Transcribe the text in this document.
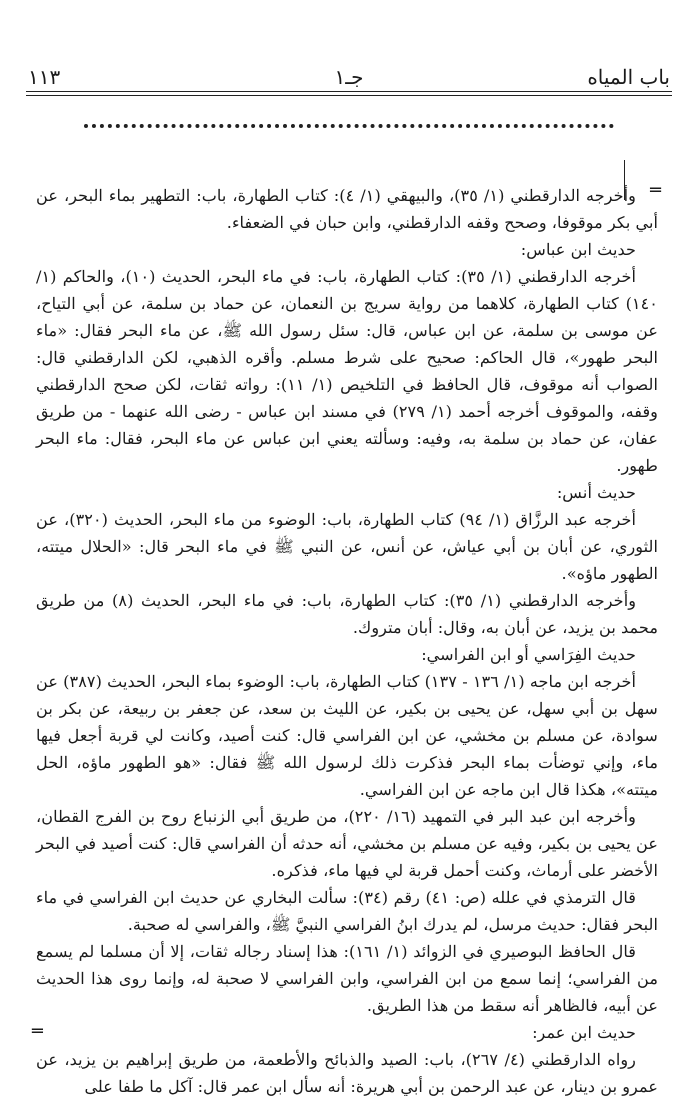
باب المياه
جـ١
١١٣
═
═

وأخرجه الدارقطني (١/ ٣٥)، والبيهقي (١/ ٤): كتاب الطهارة، باب: التطهير بماء البحر، عن أبي بكر موقوفا، وصحح وقفه الدارقطني، وابن حبان في الضعفاء.

حديث ابن عباس:

أخرجه الدارقطني (١/ ٣٥): كتاب الطهارة، باب: في ماء البحر، الحديث (١٠)، والحاكم (١/ ١٤٠) كتاب الطهارة، كلاهما من رواية سريج بن النعمان، عن حماد بن سلمة، عن أبي التياح، عن موسى بن سلمة، عن ابن عباس، قال: سئل رسول الله ﷺ، عن ماء البحر فقال: «ماء البحر طهور»، قال الحاكم: صحيح على شرط مسلم. وأقره الذهبي، لكن الدارقطني قال: الصواب أنه موقوف، قال الحافظ في التلخيص (١/ ١١): رواته ثقات، لكن صحح الدارقطني وقفه، والموقوف أخرجه أحمد (١/ ٢٧٩) في مسند ابن عباس - رضى الله عنهما - من طريق عفان، عن حماد بن سلمة به، وفيه: وسألته يعني ابن عباس عن ماء البحر، فقال: ماء البحر طهور.

حديث أنس:

أخرجه عبد الرزَّاق (١/ ٩٤) كتاب الطهارة، باب: الوضوء من ماء البحر، الحديث (٣٢٠)، عن الثوري، عن أبان بن أبي عياش، عن أنس، عن النبي ﷺ في ماء البحر قال: «الحلال ميتته، الطهور ماؤه».

وأخرجه الدارقطني (١/ ٣٥): كتاب الطهارة، باب: في ماء البحر، الحديث (٨) من طريق محمد بن يزيد، عن أبان به، وقال: أبان متروك.

حديث الفِرَاسي أو ابن الفراسي:

أخرجه ابن ماجه (١/ ١٣٦ - ١٣٧) كتاب الطهارة، باب: الوضوء بماء البحر، الحديث (٣٨٧) عن سهل بن أبي سهل، عن يحيى بن بكير، عن الليث بن سعد، عن جعفر بن ربيعة، عن بكر بن سوادة، عن مسلم بن مخشي، عن ابن الفراسي قال: كنت أصيد، وكانت لي قربة أجعل فيها ماء، وإني توضأت بماء البحر فذكرت ذلك لرسول الله ﷺ فقال: «هو الطهور ماؤه، الحل ميتته»، هكذا قال ابن ماجه عن ابن الفراسي.

وأخرجه ابن عبد البر في التمهيد (١٦/ ٢٢٠)، من طريق أبي الزنباع روح بن الفرج القطان، عن يحيى بن بكير، وفيه عن مسلم بن مخشي، أنه حدثه أن الفراسي قال: كنت أصيد في البحر الأخضر على أرماث، وكنت أحمل قربة لي فيها ماء، فذكره.

قال الترمذي في علله (ص: ٤١) رقم (٣٤): سألت البخاري عن حديث ابن الفراسي في ماء البحر فقال: حديث مرسل، لم يدرك ابنُ الفراسي النبيَّ ﷺ، والفراسي له صحبة.

قال الحافظ البوصيري في الزوائد (١/ ١٦١): هذا إسناد رجاله ثقات، إلا أن مسلما لم يسمع من الفراسي؛ إنما سمع من ابن الفراسي، وابن الفراسي لا صحبة له، وإنما روى هذا الحديث عن أبيه، فالظاهر أنه سقط من هذا الطريق.

حديث ابن عمر:

رواه الدارقطني (٤/ ٢٦٧)، باب: الصيد والذبائح والأطعمة، من طريق إبراهيم بن يزيد، عن عمرو بن دينار، عن عبد الرحمن بن أبي هريرة: أنه سأل ابن عمر قال: آكل ما طفا على
